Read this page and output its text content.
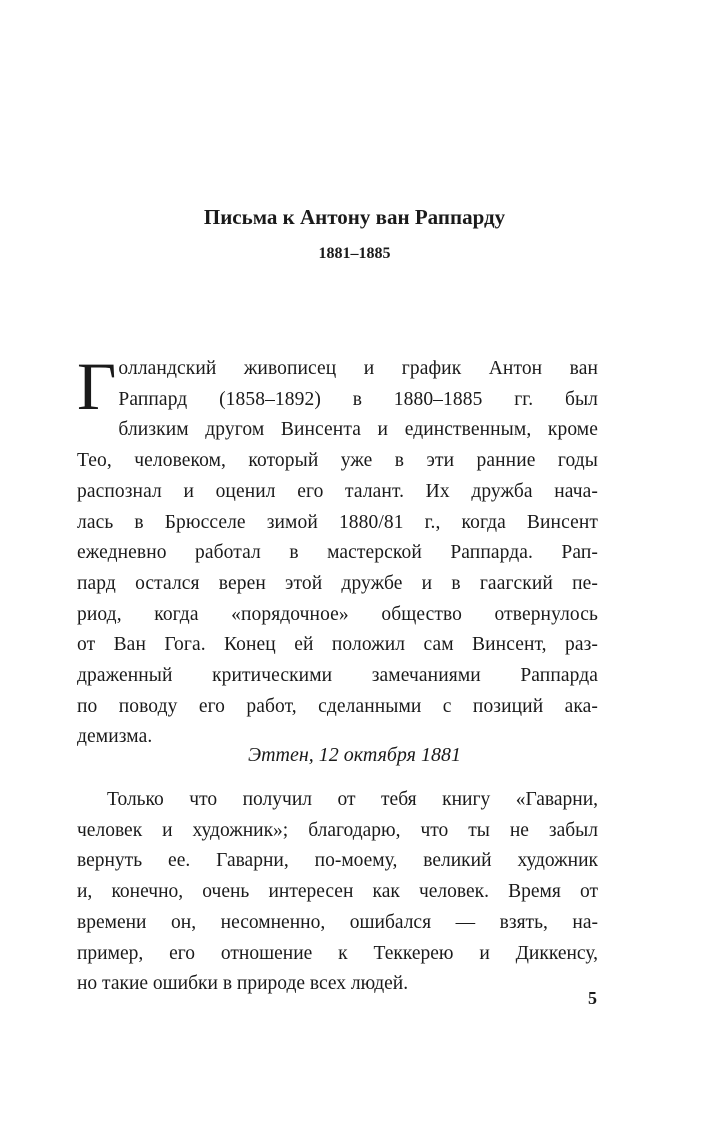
Письма к Антону ван Раппарду
1881–1885
Г олландский живописец и график Антон ван
Раппард (1858–1892) в 1880–1885 гг. был
близким другом Винсента и единственным, кроме
Тео, человеком, который уже в эти ранние годы
распознал и оценил его талант. Их дружба нача-
лась в Брюсселе зимой 1880/81 г., когда Винсент
ежедневно работал в мастерской Раппарда. Рап-
пард остался верен этой дружбе и в гаагский пе-
риод, когда «порядочное» общество отвернулось
от Ван Гога. Конец ей положил сам Винсент, раз-
драженный критическими замечаниями Раппарда
по поводу его работ, сделанными с позиций ака-
демизма.
Эттен, 12 октября 1881
Только что получил от тебя книгу «Гаварни,
человек и художник»; благодарю, что ты не забыл
вернуть ее. Гаварни, по-моему, великий художник
и, конечно, очень интересен как человек. Время от
времени он, несомненно, ошибался — взять, на-
пример, его отношение к Теккерею и Диккенсу,
но такие ошибки в природе всех людей.
5
